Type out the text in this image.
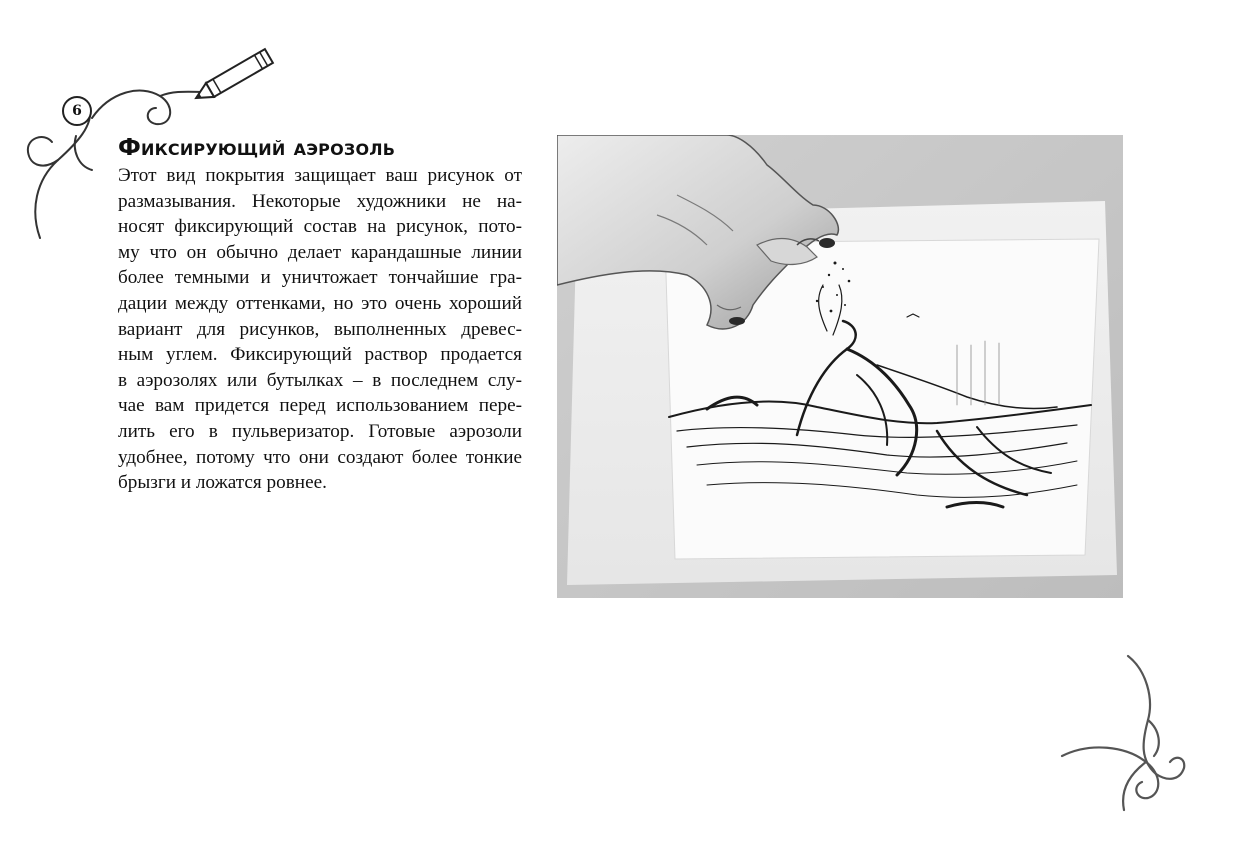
6
Фиксирующий аэрозоль
Этот вид покрытия защищает ваш рисунок от
размазывания. Некоторые художники не на-
носят фиксирующий состав на рисунок, пото-
му что он обычно делает карандашные линии
более темными и уничтожает тончайшие гра-
дации между оттенками, но это очень хороший
вариант для рисунков, выполненных древес-
ным углем. Фиксирующий раствор продается
в аэрозолях или бутылках – в последнем слу-
чае вам придется перед использованием пере-
лить его в пульверизатор. Готовые аэрозоли
удобнее, потому что они создают более тонкие
брызги и ложатся ровнее.
